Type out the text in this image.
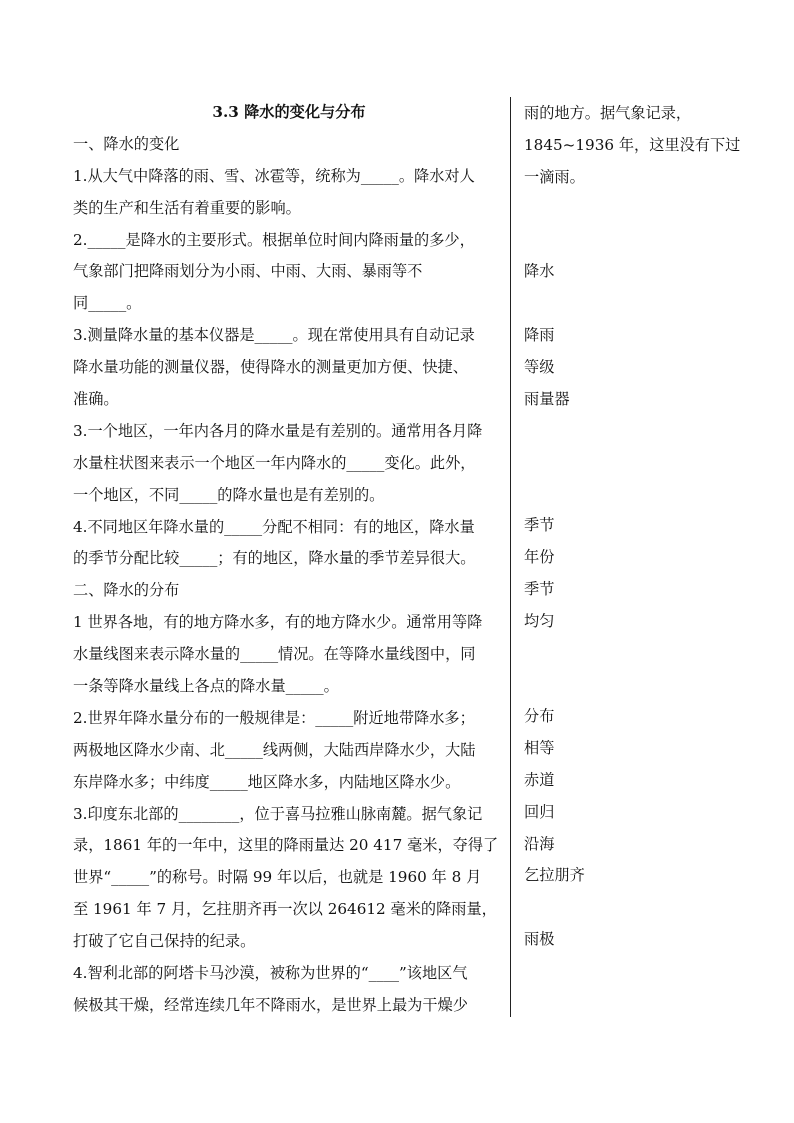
3.3 降水的变化与分布
一、降水的变化
1.从大气中降落的雨、雪、冰雹等，统称为_____。降水对人
类的生产和生活有着重要的影响。
2._____是降水的主要形式。根据单位时间内降雨量的多少，
气象部门把降雨划分为小雨、中雨、大雨、暴雨等不
同_____。
3.测量降水量的基本仪器是_____。现在常使用具有自动记录
降水量功能的测量仪器，使得降水的测量更加方便、快捷、
准确。
3.一个地区，一年内各月的降水量是有差别的。通常用各月降
水量柱状图来表示一个地区一年内降水的_____变化。此外，
一个地区，不同_____的降水量也是有差别的。
4.不同地区年降水量的_____分配不相同：有的地区，降水量
的季节分配比较_____；有的地区，降水量的季节差异很大。
二、降水的分布
1 世界各地，有的地方降水多，有的地方降水少。通常用等降
水量线图来表示降水量的_____情况。在等降水量线图中，同
一条等降水量线上各点的降水量_____。
2.世界年降水量分布的一般规律是：_____附近地带降水多；
两极地区降水少南、北_____线两侧，大陆西岸降水少，大陆
东岸降水多；中纬度_____地区降水多，内陆地区降水少。
3.印度东北部的________，位于喜马拉雅山脉南麓。据气象记
录，1861 年的一年中，这里的降雨量达 20 417 毫米，夺得了
世界“_____”的称号。时隔 99 年以后，也就是 1960 年 8 月
至 1961 年 7 月，乞拄朋齐再一次以 264612 毫米的降雨量，
打破了它自己保持的纪录。
4.智利北部的阿塔卡马沙漠，被称为世界的“____”该地区气
候极其干燥，经常连续几年不降雨水，是世界上最为干燥少
雨的地方。据气象记录，
1845~1936 年，这里没有下过
一滴雨。
降水
降雨
等级
雨量器
季节
年份
季节
均匀
分布
相等
赤道
回归
沿海
乞拉朋齐
雨极
